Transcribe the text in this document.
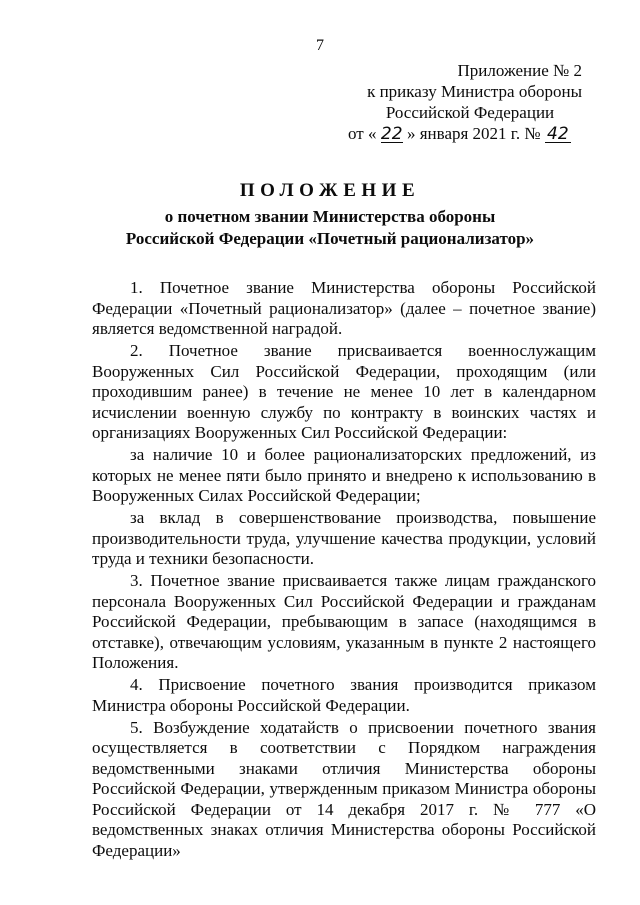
7
Приложение № 2
к приказу Министра обороны
Российской Федерации
от « 22 » января 2021 г. № 42
ПОЛОЖЕНИЕ
о почетном звании Министерства обороны
Российской Федерации «Почетный рационализатор»

1. Почетное звание Министерства обороны Российской Федерации «Почетный рационализатор» (далее – почетное звание) является ведомственной наградой.

2. Почетное звание присваивается военнослужащим Вооруженных Сил Российской Федерации, проходящим (или проходившим ранее) в течение не менее 10 лет в календарном исчислении военную службу по контракту в воинских частях и организациях Вооруженных Сил Российской Федерации:

за наличие 10 и более рационализаторских предложений, из которых не менее пяти было принято и внедрено к использованию в Вооруженных Силах Российской Федерации;

за вклад в совершенствование производства, повышение производительности труда, улучшение качества продукции, условий труда и техники безопасности.

3. Почетное звание присваивается также лицам гражданского персонала Вооруженных Сил Российской Федерации и гражданам Российской Федерации, пребывающим в запасе (находящимся в отставке), отвечающим условиям, указанным в пункте 2 настоящего Положения.

4. Присвоение почетного звания производится приказом Министра обороны Российской Федерации.

5. Возбуждение ходатайств о присвоении почетного звания осуществляется в соответствии с Порядком награждения ведомственными знаками отличия Министерства обороны Российской Федерации, утвержденным приказом Министра обороны Российской Федерации от 14 декабря 2017 г. № 777 «О ведомственных знаках отличия Министерства обороны Российской Федерации»
